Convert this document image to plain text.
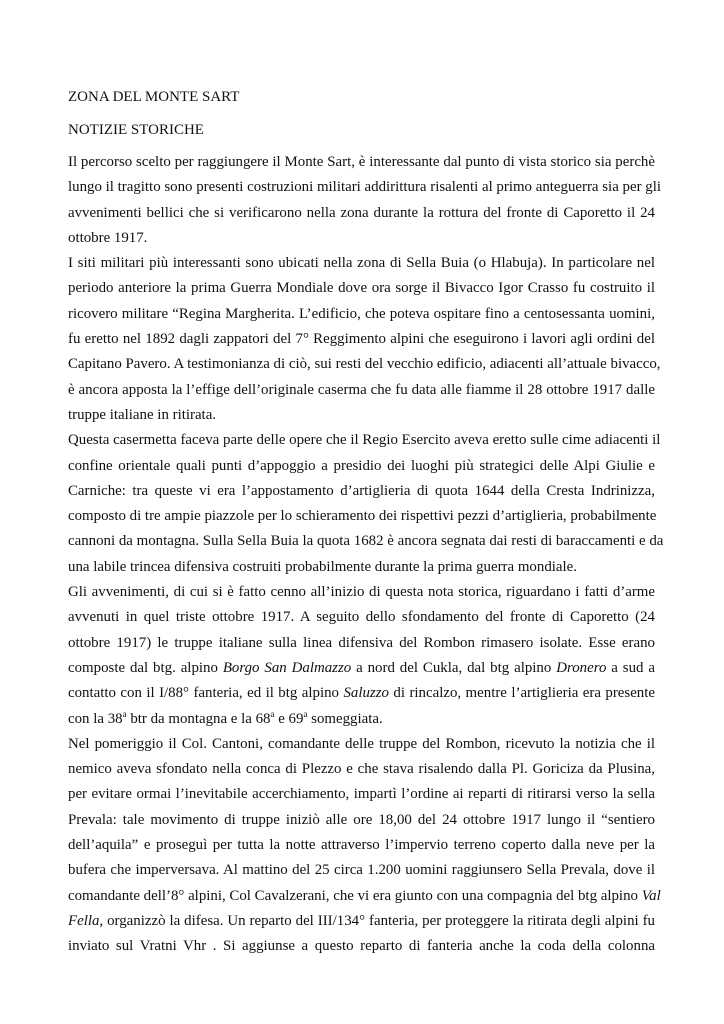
ZONA DEL MONTE SART
NOTIZIE STORICHE
Il percorso scelto per raggiungere il Monte Sart, è interessante dal punto di vista storico sia perchè
lungo il tragitto sono presenti costruzioni militari addirittura risalenti al primo anteguerra sia per gli
avvenimenti bellici che si verificarono nella zona durante la rottura del fronte di Caporetto il 24
ottobre 1917.
I siti militari più interessanti sono ubicati nella zona di Sella Buia (o Hlabuja). In particolare nel
periodo anteriore la prima Guerra Mondiale dove ora sorge il Bivacco Igor Crasso fu costruito il
ricovero militare “Regina Margherita. L’edificio, che poteva ospitare fino a centosessanta uomini,
fu eretto nel 1892 dagli zappatori del 7° Reggimento alpini che eseguirono i lavori agli ordini del
Capitano Pavero. A testimonianza di ciò, sui resti del vecchio edificio, adiacenti all’attuale bivacco,
è ancora apposta la l’effige dell’originale caserma che fu data alle fiamme il 28 ottobre 1917 dalle
truppe italiane in ritirata.
Questa casermetta faceva parte delle opere che il Regio Esercito aveva eretto sulle cime adiacenti il
confine orientale quali punti d’appoggio a presidio dei luoghi più strategici delle Alpi Giulie e
Carniche: tra queste vi era l’appostamento d’artiglieria di quota 1644 della Cresta Indrinizza,
composto di tre ampie piazzole per lo schieramento dei rispettivi pezzi d’artiglieria, probabilmente
cannoni da montagna. Sulla Sella Buia la quota 1682 è ancora segnata dai resti di baraccamenti e da
una labile trincea difensiva costruiti probabilmente durante la prima guerra mondiale.
Gli avvenimenti, di cui si è fatto cenno all’inizio di questa nota storica, riguardano i fatti d’arme
avvenuti in quel triste ottobre 1917. A seguito dello sfondamento del fronte di Caporetto (24
ottobre 1917) le truppe italiane sulla linea difensiva del Rombon rimasero isolate. Esse erano
composte dal btg. alpino Borgo San Dalmazzo a nord del Cukla, dal btg alpino Dronero a sud a
contatto con il I/88° fanteria, ed il btg alpino Saluzzo di rincalzo, mentre l’artiglieria era presente
con la 38$^a$ btr da montagna e la 68$^a$ e 69$^a$ someggiata.
Nel pomeriggio il Col. Cantoni, comandante delle truppe del Rombon, ricevuto la notizia che il
nemico aveva sfondato nella conca di Plezzo e che stava risalendo dalla Pl. Goriciza da Plusina,
per evitare ormai l’inevitabile accerchiamento, impartì l’ordine ai reparti di ritirarsi verso la sella
Prevala: tale movimento di truppe iniziò alle ore 18,00 del 24 ottobre 1917 lungo il “sentiero
dell’aquila” e proseguì per tutta la notte attraverso l’impervio terreno coperto dalla neve per la
bufera che imperversava. Al mattino del 25 circa 1.200 uomini raggiunsero Sella Prevala, dove il
comandante dell’8° alpini, Col Cavalzerani, che vi era giunto con una compagnia del btg alpino Val
Fella, organizzò la difesa. Un reparto del III/134° fanteria, per proteggere la ritirata degli alpini fu
inviato sul Vratni Vhr . Si aggiunse a questo reparto di fanteria anche la coda della colonna
